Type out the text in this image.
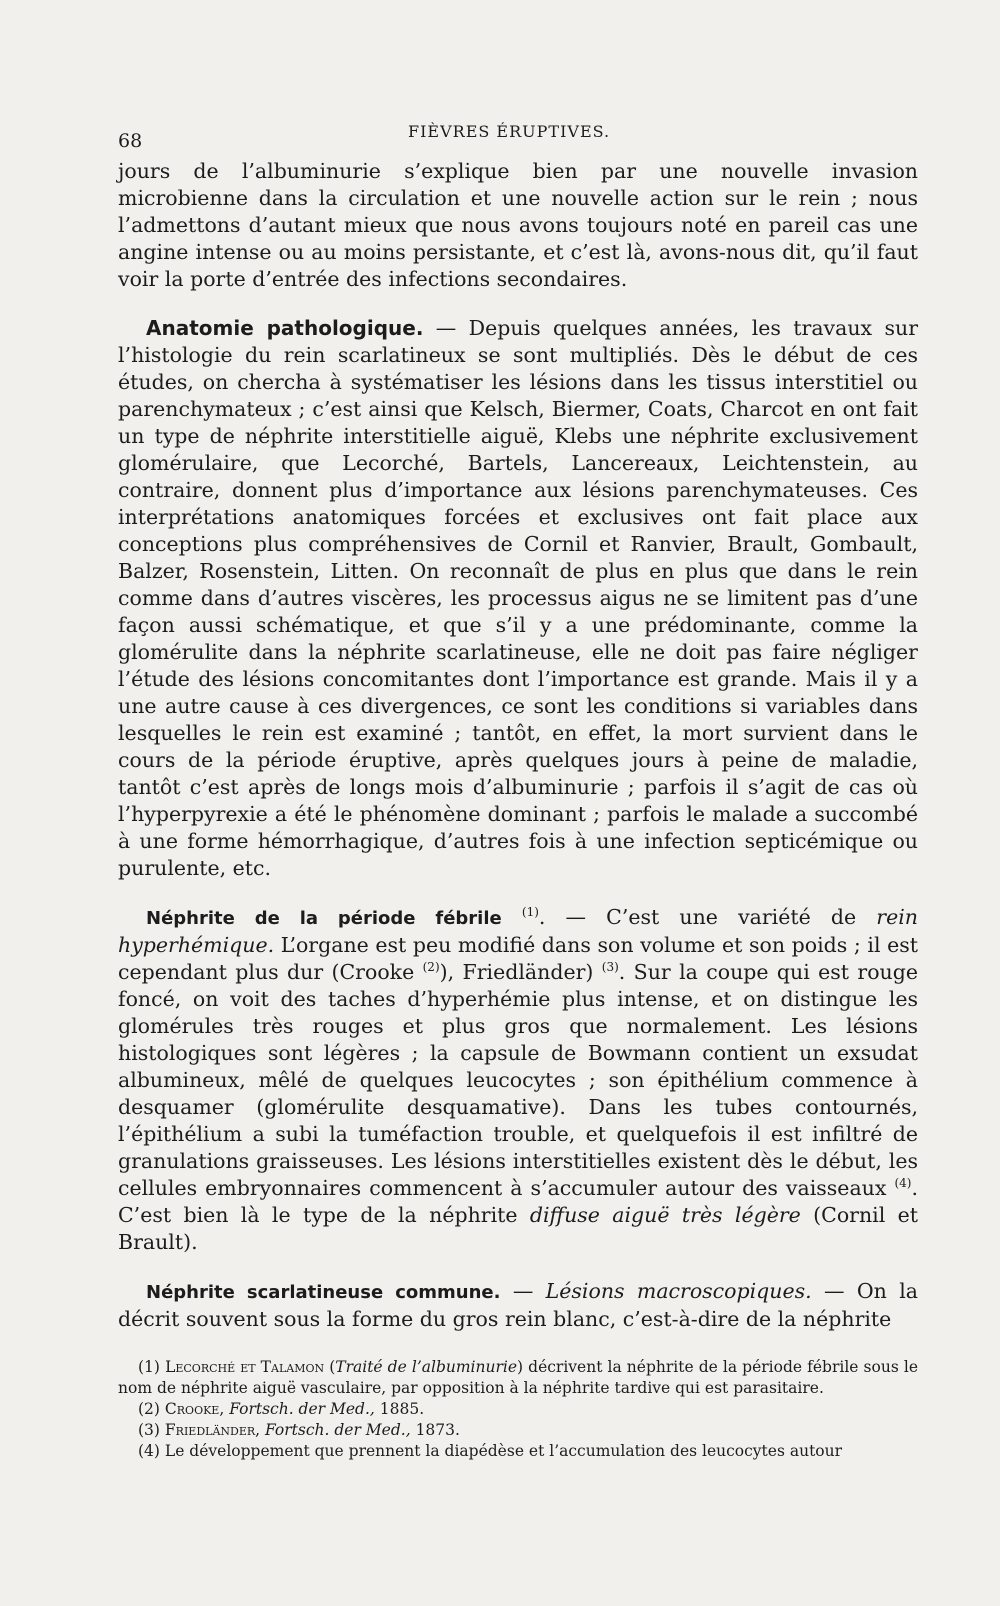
68	FIÈVRES ÉRUPTIVES.

jours de l’albuminurie s’explique bien par une nouvelle invasion microbienne dans la circulation et une nouvelle action sur le rein ; nous l’admettons d’autant mieux que nous avons toujours noté en pareil cas une angine intense ou au moins persistante, et c’est là, avons-nous dit, qu’il faut voir la porte d’entrée des infections secondaires.

Anatomie pathologique. — Depuis quelques années, les travaux sur l’histologie du rein scarlatineux se sont multipliés. Dès le début de ces études, on chercha à systématiser les lésions dans les tissus interstitiel ou parenchymateux ; c’est ainsi que Kelsch, Biermer, Coats, Charcot en ont fait un type de néphrite interstitielle aiguë, Klebs une néphrite exclusivement glomérulaire, que Lecorché, Bartels, Lancereaux, Leichtenstein, au contraire, donnent plus d’importance aux lésions parenchymateuses. Ces interprétations anatomiques forcées et exclusives ont fait place aux conceptions plus compréhensives de Cornil et Ranvier, Brault, Gombault, Balzer, Rosenstein, Litten. On reconnaît de plus en plus que dans le rein comme dans d’autres viscères, les processus aigus ne se limitent pas d’une façon aussi schématique, et que s’il y a une prédominante, comme la glomérulite dans la néphrite scarlatineuse, elle ne doit pas faire négliger l’étude des lésions concomitantes dont l’importance est grande. Mais il y a une autre cause à ces divergences, ce sont les conditions si variables dans lesquelles le rein est examiné ; tantôt, en effet, la mort survient dans le cours de la période éruptive, après quelques jours à peine de maladie, tantôt c’est après de longs mois d’albuminurie ; parfois il s’agit de cas où l’hyperpyrexie a été le phénomène dominant ; parfois le malade a succombé à une forme hémorrhagique, d’autres fois à une infection septicémique ou purulente, etc.

Néphrite de la période fébrile $^{(1)}$. — C’est une variété de rein hyperhémique. L’organe est peu modifié dans son volume et son poids ; il est cependant plus dur (Crooke $^{(2)}$), Friedländer) $^{(3)}$. Sur la coupe qui est rouge foncé, on voit des taches d’hyperhémie plus intense, et on distingue les glomérules très rouges et plus gros que normalement. Les lésions histologiques sont légères ; la capsule de Bowmann contient un exsudat albumineux, mêlé de quelques leucocytes ; son épithélium commence à desquamer (glomérulite desquamative). Dans les tubes contournés, l’épithélium a subi la tuméfaction trouble, et quelquefois il est infiltré de granulations graisseuses. Les lésions interstitielles existent dès le début, les cellules embryonnaires commencent à s’accumuler autour des vaisseaux $^{(4)}$. C’est bien là le type de la néphrite diffuse aiguë très légère (Cornil et Brault).

Néphrite scarlatineuse commune. — Lésions macroscopiques. — On la décrit souvent sous la forme du gros rein blanc, c’est-à-dire de la néphrite

(1) Lecorché et Talamon (Traité de l’albuminurie) décrivent la néphrite de la période fébrile sous le nom de néphrite aiguë vasculaire, par opposition à la néphrite tardive qui est parasitaire.

(2) Crooke, Fortsch. der Med., 1885.

(3) Friedländer, Fortsch. der Med., 1873.

(4) Le développement que prennent la diapédèse et l’accumulation des leucocytes autour
